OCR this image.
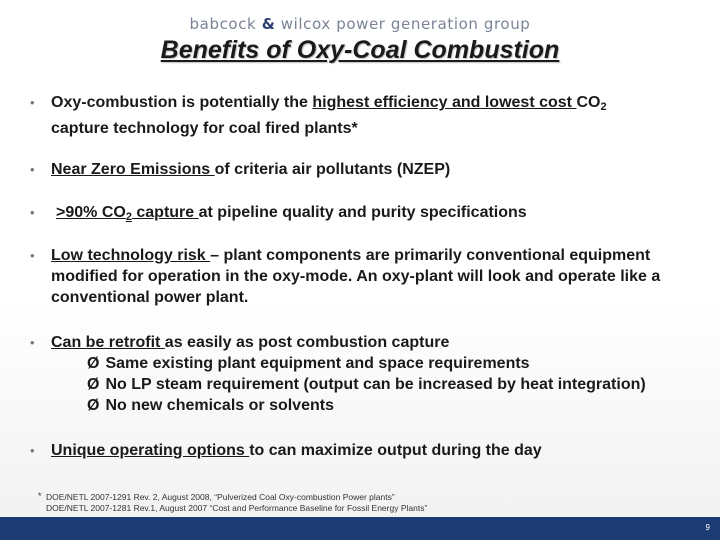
babcock & wilcox power generation group
Benefits of Oxy-Coal Combustion
• Oxy-combustion is potentially the highest efficiency and lowest cost $CO_2$
capture technology for coal fired plants*
• Near Zero Emissions of criteria air pollutants (NZEP)
• >90% $CO_2$ capture at pipeline quality and purity specifications
• Low technology risk – plant components are primarily conventional equipment modified for operation in the oxy-mode. An oxy-plant will look and operate like a conventional power plant.
• Can be retrofit as easily as post combustion capture
Ø Same existing plant equipment and space requirements
Ø No LP steam requirement (output can be increased by heat integration)
Ø No new chemicals or solvents
• Unique operating options to can maximize output during the day
* DOE/NETL 2007-1291 Rev. 2, August 2008, “Pulverized Coal Oxy-combustion Power plants”
DOE/NETL 2007-1281 Rev.1, August 2007 “Cost and Performance Baseline for Fossil Energy Plants”
9
